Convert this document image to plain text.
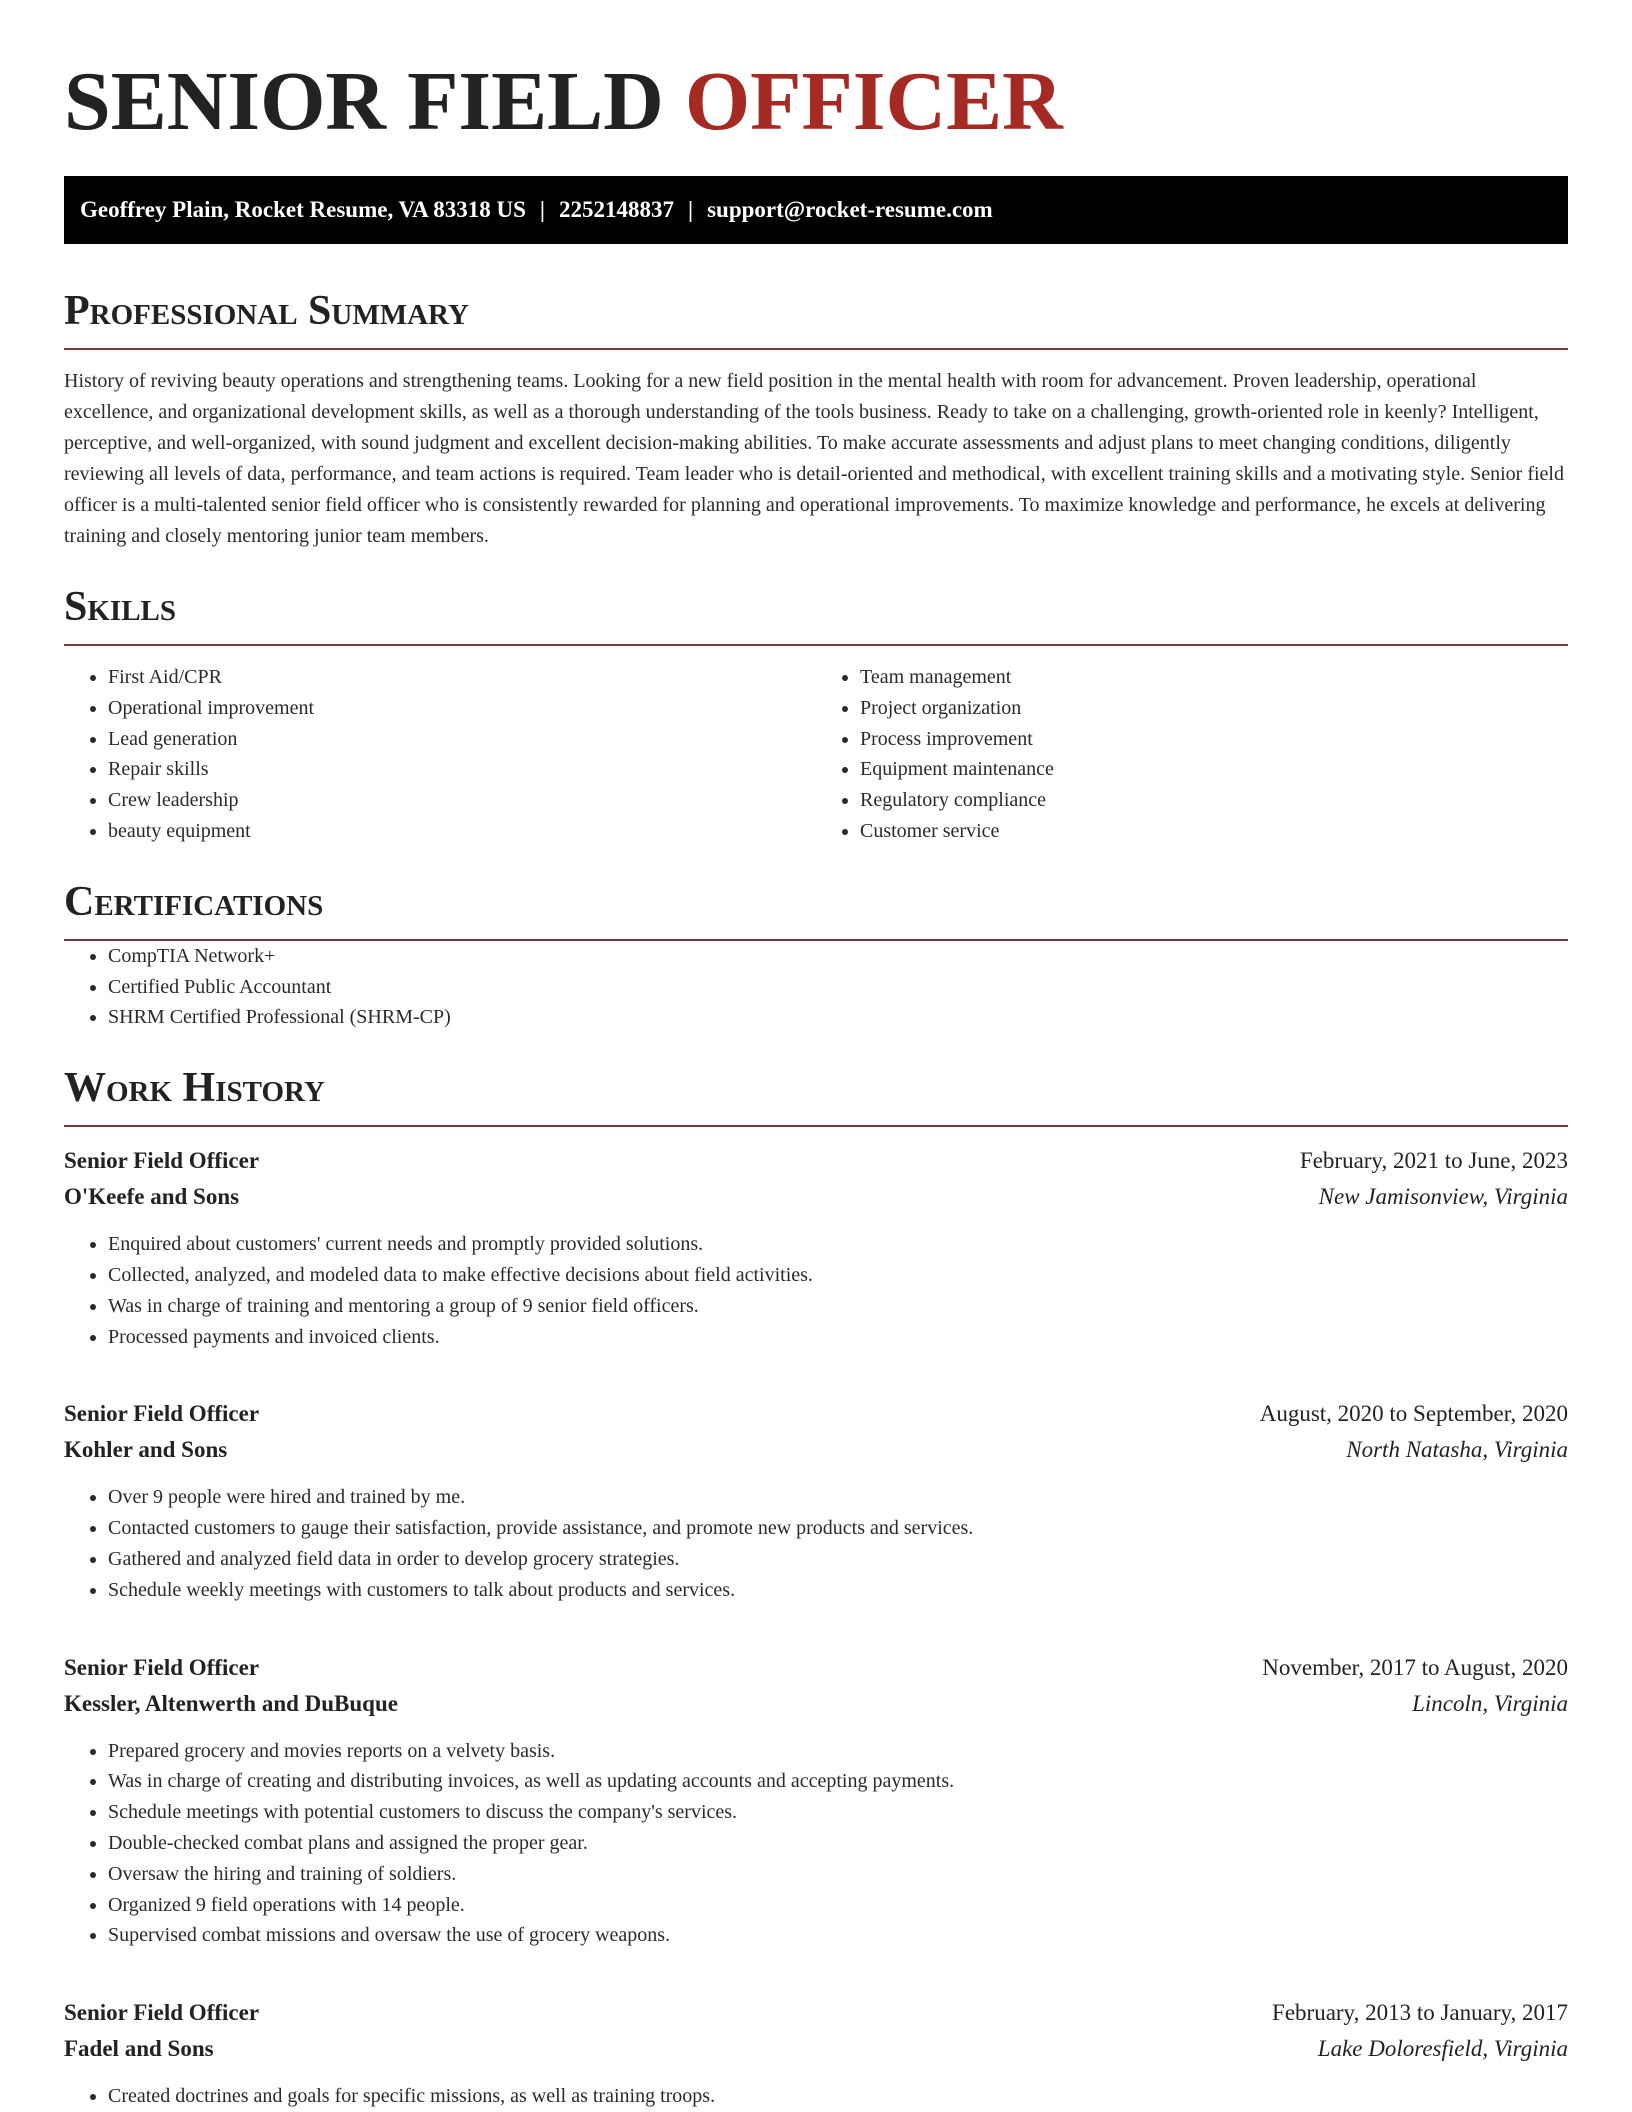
SENIOR FIELD OFFICER
Geoffrey Plain, Rocket Resume, VA 83318 US | 2252148837 | support@rocket-resume.com
Professional Summary

History of reviving beauty operations and strengthening teams. Looking for a new field position in the mental health with room for advancement. Proven leadership, operational excellence, and organizational development skills, as well as a thorough understanding of the tools business. Ready to take on a challenging, growth-oriented role in keenly? Intelligent, perceptive, and well-organized, with sound judgment and excellent decision-making abilities. To make accurate assessments and adjust plans to meet changing conditions, diligently reviewing all levels of data, performance, and team actions is required. Team leader who is detail-oriented and methodical, with excellent training skills and a motivating style. Senior field officer is a multi-talented senior field officer who is consistently rewarded for planning and operational improvements. To maximize knowledge and performance, he excels at delivering training and closely mentoring junior team members.

Skills
• First Aid/CPR
• Operational improvement
• Lead generation
• Repair skills
• Crew leadership
• beauty equipment
• Team management
• Project organization
• Process improvement
• Equipment maintenance
• Regulatory compliance
• Customer service
Certifications
• CompTIA Network+
• Certified Public Accountant
• SHRM Certified Professional (SHRM-CP)
Work History
Senior Field Officer	February, 2021 to June, 2023
O'Keefe and Sons	New Jamisonview, Virginia
• Enquired about customers' current needs and promptly provided solutions.
• Collected, analyzed, and modeled data to make effective decisions about field activities.
• Was in charge of training and mentoring a group of 9 senior field officers.
• Processed payments and invoiced clients.
Senior Field Officer	August, 2020 to September, 2020
Kohler and Sons	North Natasha, Virginia
• Over 9 people were hired and trained by me.
• Contacted customers to gauge their satisfaction, provide assistance, and promote new products and services.
• Gathered and analyzed field data in order to develop grocery strategies.
• Schedule weekly meetings with customers to talk about products and services.
Senior Field Officer	November, 2017 to August, 2020
Kessler, Altenwerth and DuBuque	Lincoln, Virginia
• Prepared grocery and movies reports on a velvety basis.
• Was in charge of creating and distributing invoices, as well as updating accounts and accepting payments.
• Schedule meetings with potential customers to discuss the company's services.
• Double-checked combat plans and assigned the proper gear.
• Oversaw the hiring and training of soldiers.
• Organized 9 field operations with 14 people.
• Supervised combat missions and oversaw the use of grocery weapons.
Senior Field Officer	February, 2013 to January, 2017
Fadel and Sons	Lake Doloresfield, Virginia
• Created doctrines and goals for specific missions, as well as training troops.
